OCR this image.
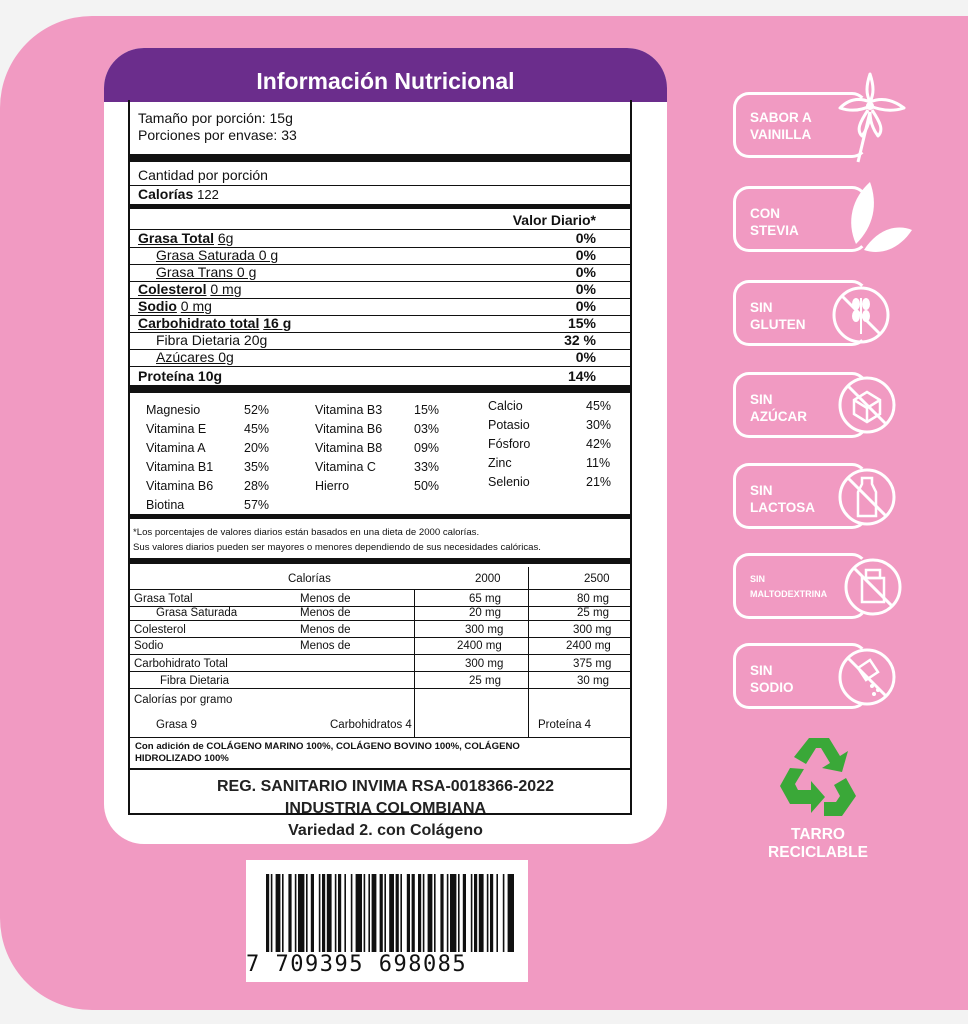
Información Nutricional
Tamaño por porción: 15g
Porciones por envase: 33
Cantidad por porción
Calorías 122
Valor Diario*
Grasa Total 6g	0%
Grasa Saturada 0 g	0%
Grasa Trans 0 g	0%
Colesterol 0 mg	0%
Sodio 0 mg	0%
Carbohidrato total 16 g	15%
Fibra Dietaria 20g	32 %
Azúcares 0g	0%
Proteína 10g	14%
Magnesio	52%
Vitamina E	45%
Vitamina A	20%
Vitamina B1 35%
Vitamina B6 28%
Biotina	57%
Vitamina B3	15%
Vitamina B6	03%
Vitamina B8	09%
Vitamina C	33%
Hierro	50%
Calcio	45%
Potasio	30%
Fósforo	42%
Zinc	11%
Selenio	21%
*Los porcentajes de valores diarios están basados en una dieta de 2000 calorías.
Sus valores diarios pueden ser mayores o menores dependiendo de sus necesidades calóricas.
Calorías	2000	2500
Grasa Total	Menos de	65 mg	80 mg
Grasa Saturada	Menos de	20 mg	25 mg
Colesterol	Menos de	300 mg	300 mg
Sodio	Menos de	2400 mg	2400 mg
Carbohidrato Total	300 mg	375 mg
Fibra Dietaria	25 mg	30 mg
Calorías por gramo
Grasa 9	Carbohidratos 4	Proteína 4
Con adición de COLÁGENO MARINO 100%, COLÁGENO BOVINO 100%, COLÁGENO
HIDROLIZADO 100%
REG. SANITARIO INVIMA RSA-0018366-2022
INDUSTRIA COLOMBIANA
Variedad 2. con Colágeno
7 709395 698085
SABOR A
VAINILLA
CON
STEVIA
SIN
GLUTEN
SIN
AZÚCAR
SIN
LACTOSA
SIN
MALTODEXTRINA
SIN
SODIO
TARRO
RECICLABLE
